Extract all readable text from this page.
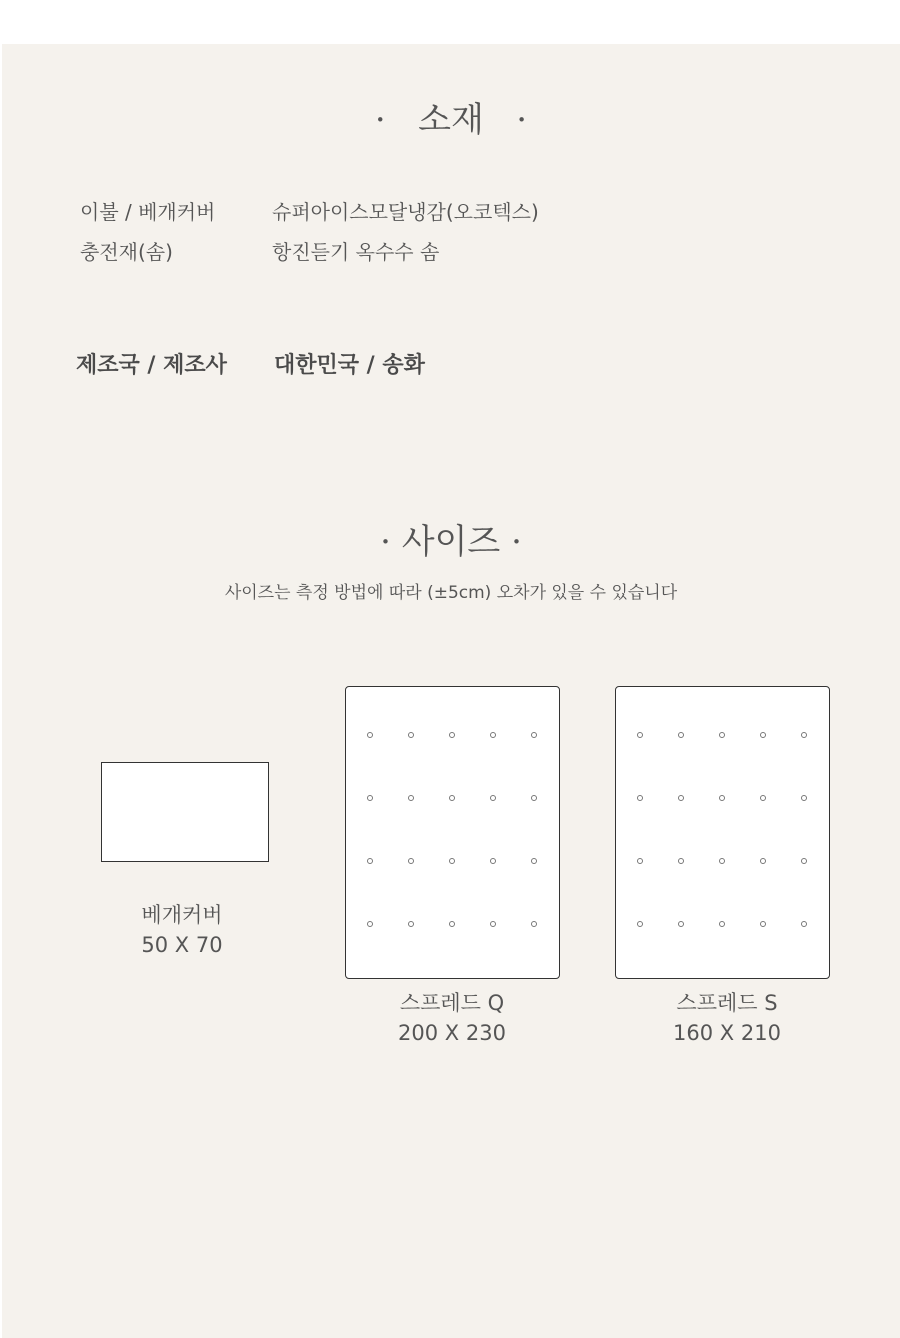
·   소재   ·
이불 / 베개커버	슈퍼아이스모달냉감(오코텍스)
충전재(솜)	항진듣기 옥수수 솜
제조국 / 제조사 대한민국 / 송화
· 사이즈 ·
사이즈는 측정 방법에 따라 (±5cm) 오차가 있을 수 있습니다
베개커버
50 X 70
스프레드 Q
200 X 230
스프레드 S
160 X 210
